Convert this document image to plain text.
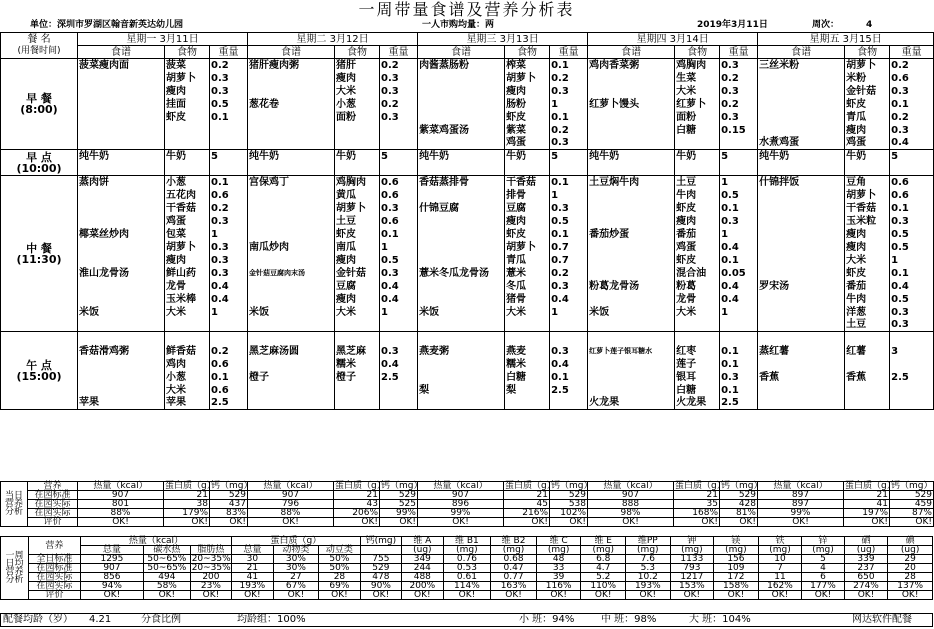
一周带量食谱及营养分析表
单位：深圳市罗湖区翰音新英达幼儿园	一人市购均量：两	2019年3月11日	周次：	4
餐 名	星期一 3月11日			星期二 3月12日			星期三 3月13日			星期四 3月14日			星期五 3月15日		
(用餐时间)	食谱	食物	重量	食谱	食物	重量	食谱	食物	重量	食谱	食物	重量	食谱	食物	重量

早 餐
(8:00)	菠菜瘦肉面	菠菜	0.2	猪肝瘦肉粥	猪肝	0.2	肉酱蒸肠粉	榨菜	0.1	鸡肉香菜粥	鸡胸肉	0.3	三丝米粉	胡萝卜	0.2
		胡萝卜	0.3		瘦肉	0.3		胡萝卜	0.2		生菜	0.2		米粉	0.6
		瘦肉	0.3		大米	0.3		瘦肉	0.3		大米	0.3		金针菇	0.3
		挂面	0.5	葱花卷	小葱	0.2		肠粉	1	红萝卜馒头	红萝卜	0.2		虾皮	0.1
		虾皮	0.1		面粉	0.3		虾皮	0.1		面粉	0.3		青瓜	0.2
							紫菜鸡蛋汤	紫菜	0.2		白糖	0.15		瘦肉	0.3
								鸡蛋	0.3				水煮鸡蛋	鸡蛋	0.4

早 点
(10:00)	纯牛奶	牛奶	5	纯牛奶	牛奶	5	纯牛奶	牛奶	5	纯牛奶	牛奶	5	纯牛奶	牛奶	5

中 餐
(11:30)	蒸肉饼	小葱	0.1	宫保鸡丁	鸡胸肉	0.6	香菇蒸排骨	干香菇	0.1	土豆焖牛肉	土豆	1	什锦拌饭	豆角	0.6
		五花肉	0.6		黄瓜	0.6		排骨	1		牛肉	0.5		胡萝卜	0.6
		干香菇	0.2		胡萝卜	0.3	什锦豆腐	豆腐	0.3		虾皮	0.1		干香菇	0.1
		鸡蛋	0.3		土豆	0.6		瘦肉	0.5		瘦肉	0.3		玉米粒	0.3
	椰菜丝炒肉	包菜	1		虾皮	0.1		虾皮	0.1	番茄炒蛋	番茄	1		瘦肉	0.5
		胡萝卜	0.3	南瓜炒肉	南瓜	1		胡萝卜	0.7		鸡蛋	0.4		瘦肉	0.5
		瘦肉	0.3		瘦肉	0.5		青瓜	0.7		虾皮	0.1		大米	1
	淮山龙骨汤	鲜山药	0.3	金针菇豆腐肉末汤	金针菇	0.3	薏米冬瓜龙骨汤	薏米	0.2		混合油	0.05		虾皮	0.1
		龙骨	0.4		豆腐	0.4		冬瓜	0.3	粉葛龙骨汤	粉葛	0.4	罗宋汤	番茄	0.4
		玉米棒	0.4		瘦肉	0.4		猪骨	0.4		龙骨	0.4		牛肉	0.5
	米饭	大米	1	米饭	大米	1	米饭	大米	1	米饭	大米	1		洋葱	0.3
														土豆	0.3

午 点
(15:00)															

	香菇滑鸡粥	鲜香菇	0.2	黑芝麻汤圆	黑芝麻	0.3	燕麦粥	燕麦	0.3	红萝卜莲子银耳糖水	红枣	0.1	蒸红薯	红薯	3
		鸡肉	0.6		糯米	0.4		糯米	0.4		莲子	0.1			
		小葱	0.1	橙子	橙子	2.5		白糖	0.1		银耳	0.3	香蕉	香蕉	2.5
		大米	0.6				梨	梨	2.5		白糖	0.1			
	苹果	苹果	2.5							火龙果	火龙果	2.5			
当日营养分析	营养	热量（kcal）	蛋白质（g）	钙（mg）	热量（kcal）	蛋白质（g）	钙（mg）	热量（kcal）	蛋白质（g）	钙（mg）	热量（kcal）	蛋白质（g）	钙（mg）	热量（kcal）	蛋白质（g）	钙（mg）
	在园标准	907	21	529	907	21	529	907	21	529	907	21	529	897	21	529
	在园实际	801	38	437	796	43	525	896	45	538	888	35	428	897	41	459
	在园实际	88%	179%	83%	88%	206%	99%	99%	216%	102%	98%	168%	81%	99%	197%	87%
	评价	OK!	OK!	OK!	OK!	OK!	OK!	OK!	OK!	OK!	OK!	OK!	OK!	OK!	OK!	OK!
一周日均营养分析	营养	热量（kcal）			蛋白质（g）			钙(mg)	维 A	维 B1	维 B2	维 C	维 E	维PP	钾	镁	铁	锌	硒	碘
		总量	碳水热	脂肪热	总量	动物类	动豆类		(ug)	(mg)	(mg)	(mg)	(mg)	(mg)	(mg)	(mg)	(mg)	(mg)	(ug)	(ug)
	全日标准	1295	50~65%	20~35%	30	30%	50%	755	349	0.76	0.68	48	6.8	7.6	1133	156	10	5	339	29
	在园标准	907	50~65%	20~35%	21	30%	50%	529	244	0.53	0.47	33	4.7	5.3	793	109	7	4	237	20
	在园实际	856	494	200	41	27	28	478	488	0.61	0.77	39	5.2	10.2	1217	172	11	6	650	28
	在园实际	94%	58%	23%	193%	67%	69%	90%	200%	114%	163%	116%	110%	193%	153%	158%	162%	177%	274%	137%
	评价	OK!	OK!	OK!	OK!	OK!	OK!	OK!	OK!	OK!	OK!	OK!	OK!	OK!	OK!	OK!	OK!	OK!	OK!	OK!
配餐均龄（岁） 4.21	分食比例	均龄组：100%	小 班：94%	中 班：98%	大 班：104%	网达软件配餐
